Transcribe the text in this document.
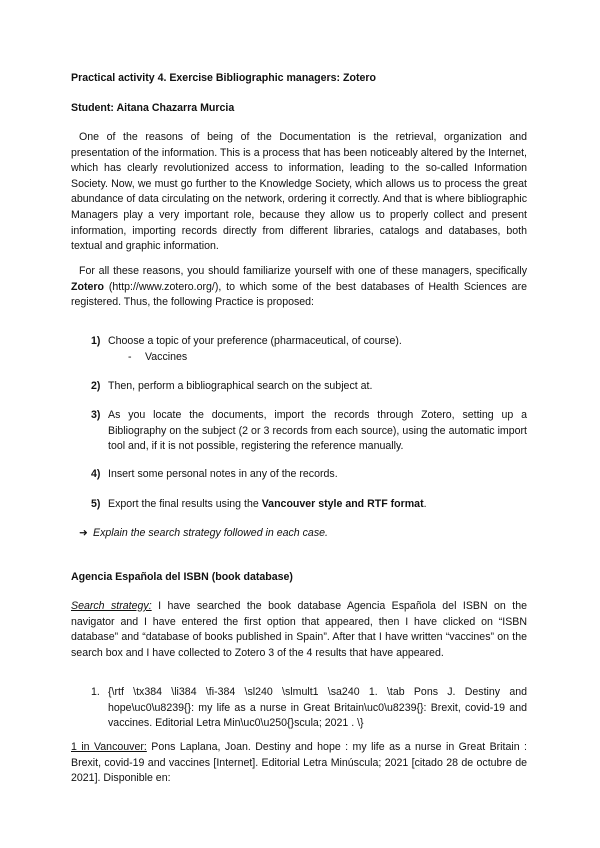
Practical activity 4. Exercise Bibliographic managers: Zotero
Student: Aitana Chazarra Murcia
One of the reasons of being of the Documentation is the retrieval, organization and presentation of the information. This is a process that has been noticeably altered by the Internet, which has clearly revolutionized access to information, leading to the so-called Information Society. Now, we must go further to the Knowledge Society, which allows us to process the great abundance of data circulating on the network, ordering it correctly. And that is where bibliographic Managers play a very important role, because they allow us to properly collect and present information, importing records directly from different libraries, catalogs and databases, both textual and graphic information.
For all these reasons, you should familiarize yourself with one of these managers, specifically Zotero (http://www.zotero.org/), to which some of the best databases of Health Sciences are registered. Thus, the following Practice is proposed:
1) Choose a topic of your preference (pharmaceutical, of course).
- Vaccines
2) Then, perform a bibliographical search on the subject at.
3) As you locate the documents, import the records through Zotero, setting up a Bibliography on the subject (2 or 3 records from each source), using the automatic import tool and, if it is not possible, registering the reference manually.
4) Insert some personal notes in any of the records.
5) Export the final results using the Vancouver style and RTF format.
➜ Explain the search strategy followed in each case.
Agencia Española del ISBN (book database)
Search strategy: I have searched the book database Agencia Española del ISBN on the navigator and I have entered the first option that appeared, then I have clicked on “ISBN database” and “database of books published in Spain”. After that I have written “vaccines” on the search box and I have collected to Zotero 3 of the 4 results that have appeared.
1. {\rtf \tx384 \li384 \fi-384 \sl240 \slmult1 \sa240 1. \tab Pons J. Destiny and hope\uc0\u8239{}: my life as a nurse in Great Britain\uc0\u8239{}: Brexit, covid-19 and vaccines. Editorial Letra Min\uc0\u250{}scula; 2021 . \}
1 in Vancouver: Pons Laplana, Joan. Destiny and hope : my life as a nurse in Great Britain : Brexit, covid-19 and vaccines [Internet]. Editorial Letra Minúscula; 2021 [citado 28 de octubre de 2021]. Disponible en:
